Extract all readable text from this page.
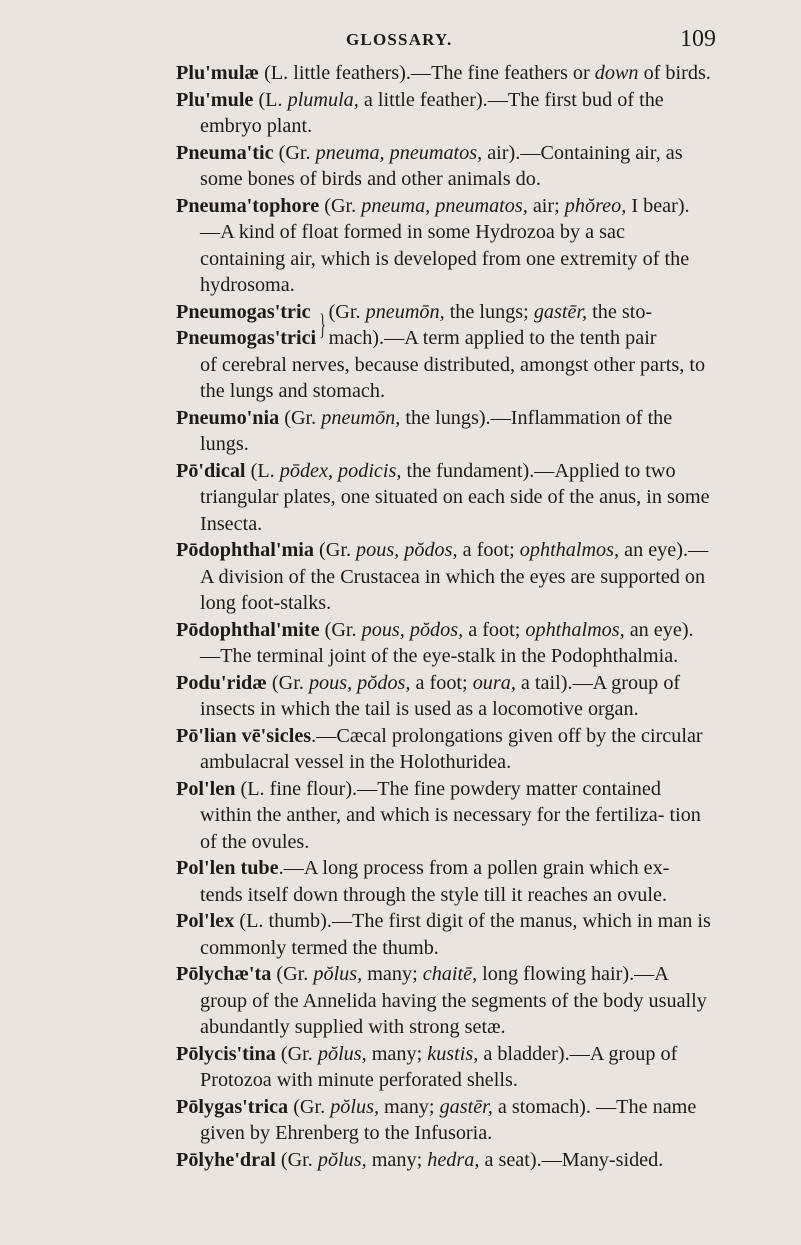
GLOSSARY.	109

Plu'mulæ (L. little feathers).—The fine feathers or down of birds.

Plu'mule (L. plumula, a little feather).—The first bud of the embryo plant.

Pneuma'tic (Gr. pneuma, pneumatos, air).—Containing air, as some bones of birds and other animals do.

Pneuma'tophore (Gr. pneuma, pneumatos, air; phŏreo, I bear). —A kind of float formed in some Hydrozoa by a sac containing air, which is developed from one extremity of the hydrosoma.

Pneumogas'tric
Pneumogas'trici } (Gr. pneumōn, the lungs; gastēr, the sto-
mach).—A term applied to the tenth pair

of cerebral nerves, because distributed, amongst other parts, to the lungs and stomach.

Pneumo'nia (Gr. pneumōn, the lungs).—Inflammation of the lungs.

Pō'dical (L. pōdex, podicis, the fundament).—Applied to two triangular plates, one situated on each side of the anus, in some Insecta.

Pōdophthal'mia (Gr. pous, pŏdos, a foot; ophthalmos, an eye).— A division of the Crustacea in which the eyes are supported on long foot-stalks.

Pōdophthal'mite (Gr. pous, pŏdos, a foot; ophthalmos, an eye). —The terminal joint of the eye-stalk in the Podophthalmia.

Podu'ridæ (Gr. pous, pŏdos, a foot; oura, a tail).—A group of insects in which the tail is used as a locomotive organ.

Pō'lian vē'sicles.—Cæcal prolongations given off by the circular ambulacral vessel in the Holothuridea.

Pol'len (L. fine flour).—The fine powdery matter contained within the anther, and which is necessary for the fertiliza- tion of the ovules.

Pol'len tube.—A long process from a pollen grain which ex- tends itself down through the style till it reaches an ovule.

Pol'lex (L. thumb).—The first digit of the manus, which in man is commonly termed the thumb.

Pōlychæ'ta (Gr. pŏlus, many; chaitē, long flowing hair).—A group of the Annelida having the segments of the body usually abundantly supplied with strong setæ.

Pōlycis'tina (Gr. pŏlus, many; kustis, a bladder).—A group of Protozoa with minute perforated shells.

Pōlygas'trica (Gr. pŏlus, many; gastēr, a stomach). —The name given by Ehrenberg to the Infusoria.

Pōlyhe'dral (Gr. pŏlus, many; hedra, a seat).—Many-sided.
